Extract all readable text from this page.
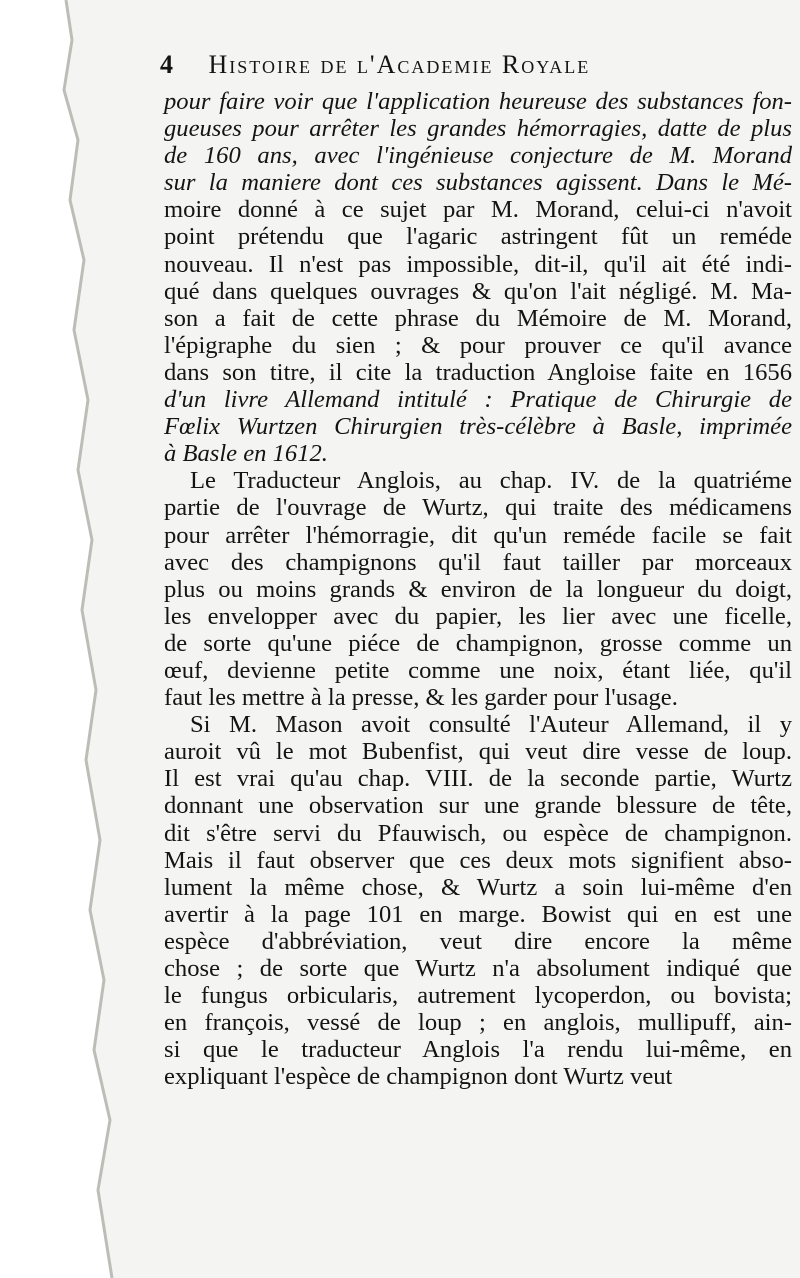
4 Histoire de l'Academie Royale
pour faire voir que l'application heureuse des substances fon-
gueuses pour arrêter les grandes hémorragies, datte de plus
de 160 ans, avec l'ingénieuse conjecture de M. Morand
sur la maniere dont ces substances agissent. Dans le Mé-
moire donné à ce sujet par M. Morand, celui-ci n'avoit
point prétendu que l'agaric astringent fût un reméde
nouveau. Il n'est pas impossible, dit-il, qu'il ait été indi-
qué dans quelques ouvrages & qu'on l'ait négligé. M. Ma-
son a fait de cette phrase du Mémoire de M. Morand,
l'épigraphe du sien ; & pour prouver ce qu'il avance
dans son titre, il cite la traduction Angloise faite en 1656
d'un livre Allemand intitulé : Pratique de Chirurgie de
Fœlix Wurtzen Chirurgien très-célèbre à Basle, imprimée
à Basle en 1612.
Le Traducteur Anglois, au chap. IV. de la quatriéme
partie de l'ouvrage de Wurtz, qui traite des médicamens
pour arrêter l'hémorragie, dit qu'un reméde facile se fait
avec des champignons qu'il faut tailler par morceaux
plus ou moins grands & environ de la longueur du doigt,
les envelopper avec du papier, les lier avec une ficelle,
de sorte qu'une piéce de champignon, grosse comme un
œuf, devienne petite comme une noix, étant liée, qu'il
faut les mettre à la presse, & les garder pour l'usage.
Si M. Mason avoit consulté l'Auteur Allemand, il y
auroit vû le mot Bubenfist, qui veut dire vesse de loup.
Il est vrai qu'au chap. VIII. de la seconde partie, Wurtz
donnant une observation sur une grande blessure de tête,
dit s'être servi du Pfauwisch, ou espèce de champignon.
Mais il faut observer que ces deux mots signifient abso-
lument la même chose, & Wurtz a soin lui-même d'en
avertir à la page 101 en marge. Bowist qui en est une
espèce d'abbréviation, veut dire encore la même
chose ; de sorte que Wurtz n'a absolument indiqué que
le fungus orbicularis, autrement lycoperdon, ou bovista;
en françois, vessé de loup ; en anglois, mullipuff, ain-
si que le traducteur Anglois l'a rendu lui-même, en
expliquant l'espèce de champignon dont Wurtz veut
